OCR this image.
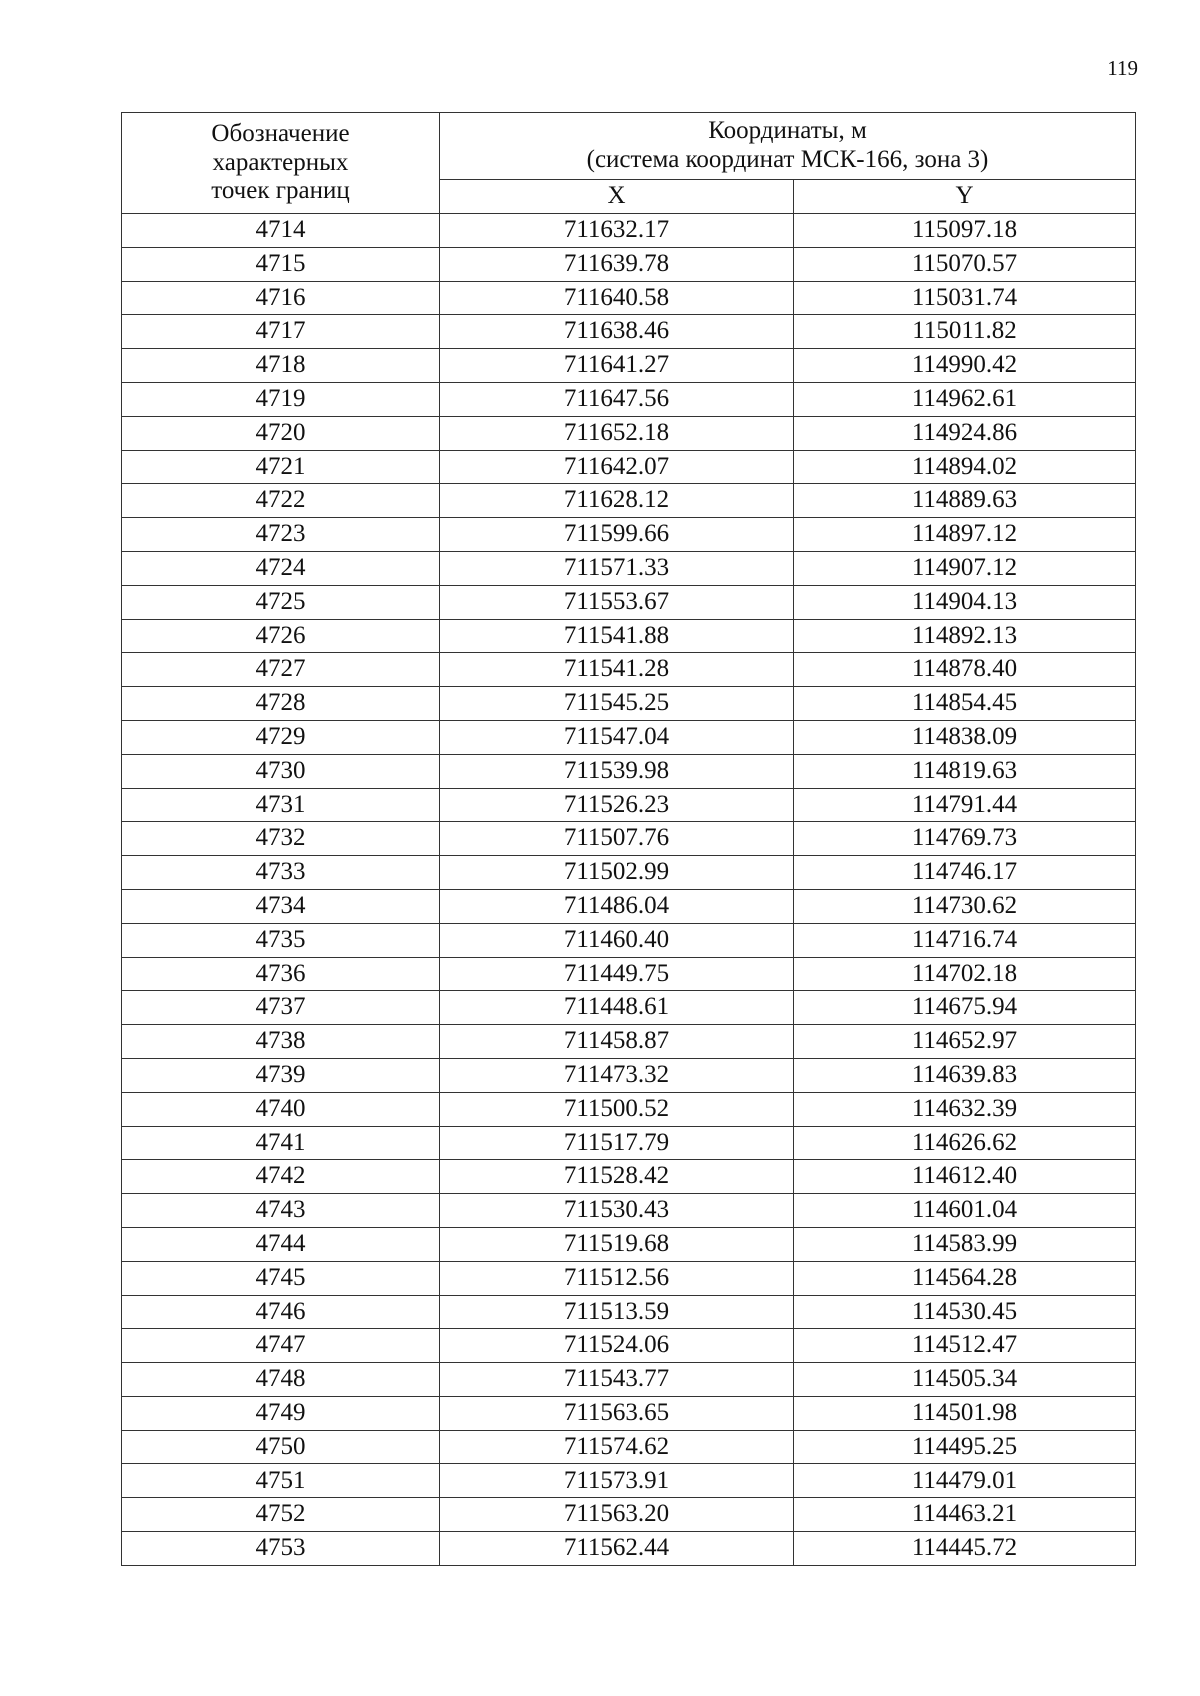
119
Обозначение
характерных
точек границ	Координаты, м
(система координат МСК-166, зона 3)	

	X	Y
4714	711632.17	115097.18
4715	711639.78	115070.57
4716	711640.58	115031.74
4717	711638.46	115011.82
4718	711641.27	114990.42
4719	711647.56	114962.61
4720	711652.18	114924.86
4721	711642.07	114894.02
4722	711628.12	114889.63
4723	711599.66	114897.12
4724	711571.33	114907.12
4725	711553.67	114904.13
4726	711541.88	114892.13
4727	711541.28	114878.40
4728	711545.25	114854.45
4729	711547.04	114838.09
4730	711539.98	114819.63
4731	711526.23	114791.44
4732	711507.76	114769.73
4733	711502.99	114746.17
4734	711486.04	114730.62
4735	711460.40	114716.74
4736	711449.75	114702.18
4737	711448.61	114675.94
4738	711458.87	114652.97
4739	711473.32	114639.83
4740	711500.52	114632.39
4741	711517.79	114626.62
4742	711528.42	114612.40
4743	711530.43	114601.04
4744	711519.68	114583.99
4745	711512.56	114564.28
4746	711513.59	114530.45
4747	711524.06	114512.47
4748	711543.77	114505.34
4749	711563.65	114501.98
4750	711574.62	114495.25
4751	711573.91	114479.01
4752	711563.20	114463.21
4753	711562.44	114445.72
